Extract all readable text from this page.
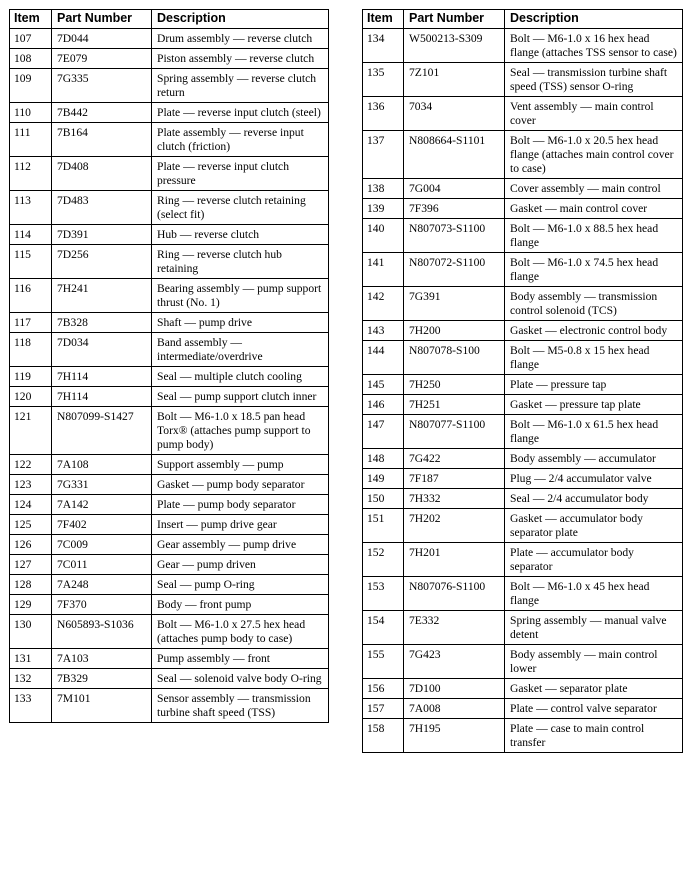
Item	Part Number	Description
107	7D044	Drum assembly — reverse clutch
108	7E079	Piston assembly — reverse clutch
109	7G335	Spring assembly — reverse clutch return
110	7B442	Plate — reverse input clutch (steel)
111	7B164	Plate assembly — reverse input clutch (friction)
112	7D408	Plate — reverse input clutch pressure
113	7D483	Ring — reverse clutch retaining (select fit)
114	7D391	Hub — reverse clutch
115	7D256	Ring — reverse clutch hub retaining
116	7H241	Bearing assembly — pump support thrust (No. 1)
117	7B328	Shaft — pump drive
118	7D034	Band assembly — intermediate/overdrive
119	7H114	Seal — multiple clutch cooling
120	7H114	Seal — pump support clutch inner
121	N807099-S1427	Bolt — M6-1.0 x 18.5 pan head Torx® (attaches pump support to pump body)
122	7A108	Support assembly — pump
123	7G331	Gasket — pump body separator
124	7A142	Plate — pump body separator
125	7F402	Insert — pump drive gear
126	7C009	Gear assembly — pump drive
127	7C011	Gear — pump driven
128	7A248	Seal — pump O-ring
129	7F370	Body — front pump
130	N605893-S1036	Bolt — M6-1.0 x 27.5 hex head (attaches pump body to case)
131	7A103	Pump assembly — front
132	7B329	Seal — solenoid valve body O-ring
133	7M101	Sensor assembly — transmission turbine shaft speed (TSS)
Item	Part Number	Description
134	W500213-S309	Bolt — M6-1.0 x 16 hex head flange (attaches TSS sensor to case)
135	7Z101	Seal — transmission turbine shaft speed (TSS) sensor O-ring
136	7034	Vent assembly — main control cover
137	N808664-S1101	Bolt — M6-1.0 x 20.5 hex head flange (attaches main control cover to case)
138	7G004	Cover assembly — main control
139	7F396	Gasket — main control cover
140	N807073-S1100	Bolt — M6-1.0 x 88.5 hex head flange
141	N807072-S1100	Bolt — M6-1.0 x 74.5 hex head flange
142	7G391	Body assembly — transmission control solenoid (TCS)
143	7H200	Gasket — electronic control body
144	N807078-S100	Bolt — M5-0.8 x 15 hex head flange
145	7H250	Plate — pressure tap
146	7H251	Gasket — pressure tap plate
147	N807077-S1100	Bolt — M6-1.0 x 61.5 hex head flange
148	7G422	Body assembly — accumulator
149	7F187	Plug — 2/4 accumulator valve
150	7H332	Seal — 2/4 accumulator body
151	7H202	Gasket — accumulator body separator plate
152	7H201	Plate — accumulator body separator
153	N807076-S1100	Bolt — M6-1.0 x 45 hex head flange
154	7E332	Spring assembly — manual valve detent
155	7G423	Body assembly — main control lower
156	7D100	Gasket — separator plate
157	7A008	Plate — control valve separator
158	7H195	Plate — case to main control transfer
